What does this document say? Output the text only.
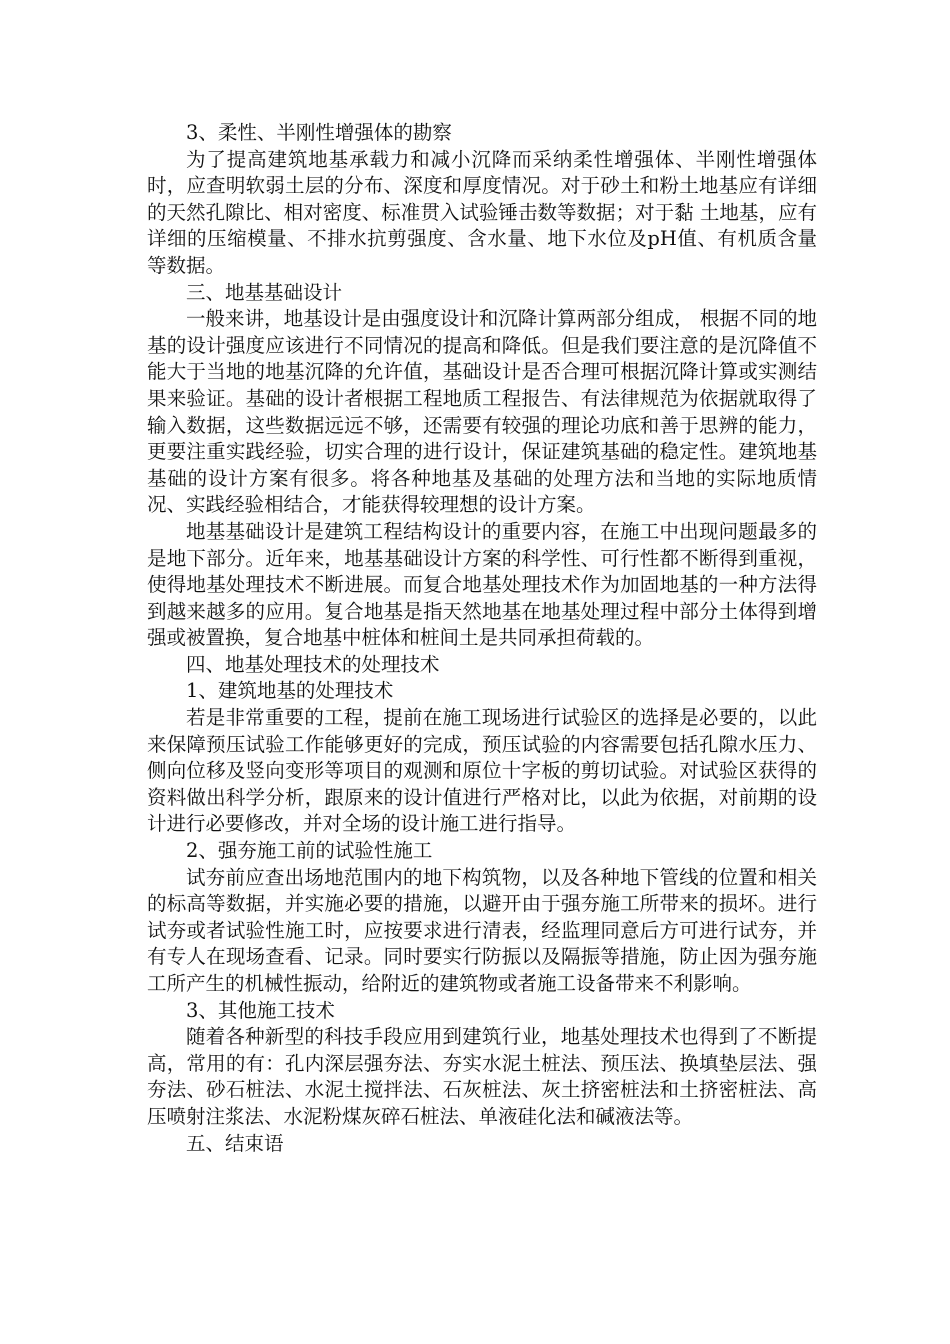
3、柔性、半刚性增强体的勘察

为了提高建筑地基承载力和减小沉降而采纳柔性增强体、半刚性增强体时，应查明软弱土层的分布、深度和厚度情况。对于砂土和粉土地基应有详细的天然孔隙比、相对密度、标准贯入试验锤击数等数据；对于黏 土地基，应有详细的压缩模量、不排水抗剪强度、含水量、地下水位及pH值、有机质含量等数据。

三、地基基础设计

一般来讲，地基设计是由强度设计和沉降计算两部分组成， 根据不同的地基的设计强度应该进行不同情况的提高和降低。但是我们要注意的是沉降值不能大于当地的地基沉降的允许值，基础设计是否合理可根据沉降计算或实测结果来验证。基础的设计者根据工程地质工程报告、有法律规范为依据就取得了输入数据，这些数据远远不够，还需要有较强的理论功底和善于思辨的能力，更要注重实践经验，切实合理的进行设计，保证建筑基础的稳定性。建筑地基基础的设计方案有很多。将各种地基及基础的处理方法和当地的实际地质情况、实践经验相结合，才能获得较理想的设计方案。

地基基础设计是建筑工程结构设计的重要内容，在施工中出现问题最多的是地下部分。近年来，地基基础设计方案的科学性、可行性都不断得到重视，使得地基处理技术不断进展。而复合地基处理技术作为加固地基的一种方法得到越来越多的应用。复合地基是指天然地基在地基处理过程中部分土体得到增强或被置换，复合地基中桩体和桩间土是共同承担荷载的。

四、地基处理技术的处理技术

1、建筑地基的处理技术

若是非常重要的工程，提前在施工现场进行试验区的选择是必要的，以此来保障预压试验工作能够更好的完成，预压试验的内容需要包括孔隙水压力、侧向位移及竖向变形等项目的观测和原位十字板的剪切试验。对试验区获得的资料做出科学分析，跟原来的设计值进行严格对比，以此为依据，对前期的设计进行必要修改，并对全场的设计施工进行指导。

2、强夯施工前的试验性施工

试夯前应查出场地范围内的地下构筑物，以及各种地下管线的位置和相关的标高等数据，并实施必要的措施，以避开由于强夯施工所带来的损坏。进行试夯或者试验性施工时，应按要求进行清表，经监理同意后方可进行试夯，并有专人在现场查看、记录。同时要实行防振以及隔振等措施，防止因为强夯施工所产生的机械性振动，给附近的建筑物或者施工设备带来不利影响。

3、其他施工技术

随着各种新型的科技手段应用到建筑行业，地基处理技术也得到了不断提高，常用的有：孔内深层强夯法、夯实水泥土桩法、预压法、换填垫层法、强夯法、砂石桩法、水泥土搅拌法、石灰桩法、灰土挤密桩法和土挤密桩法、高压喷射注浆法、水泥粉煤灰碎石桩法、单液硅化法和碱液法等。

五、结束语
